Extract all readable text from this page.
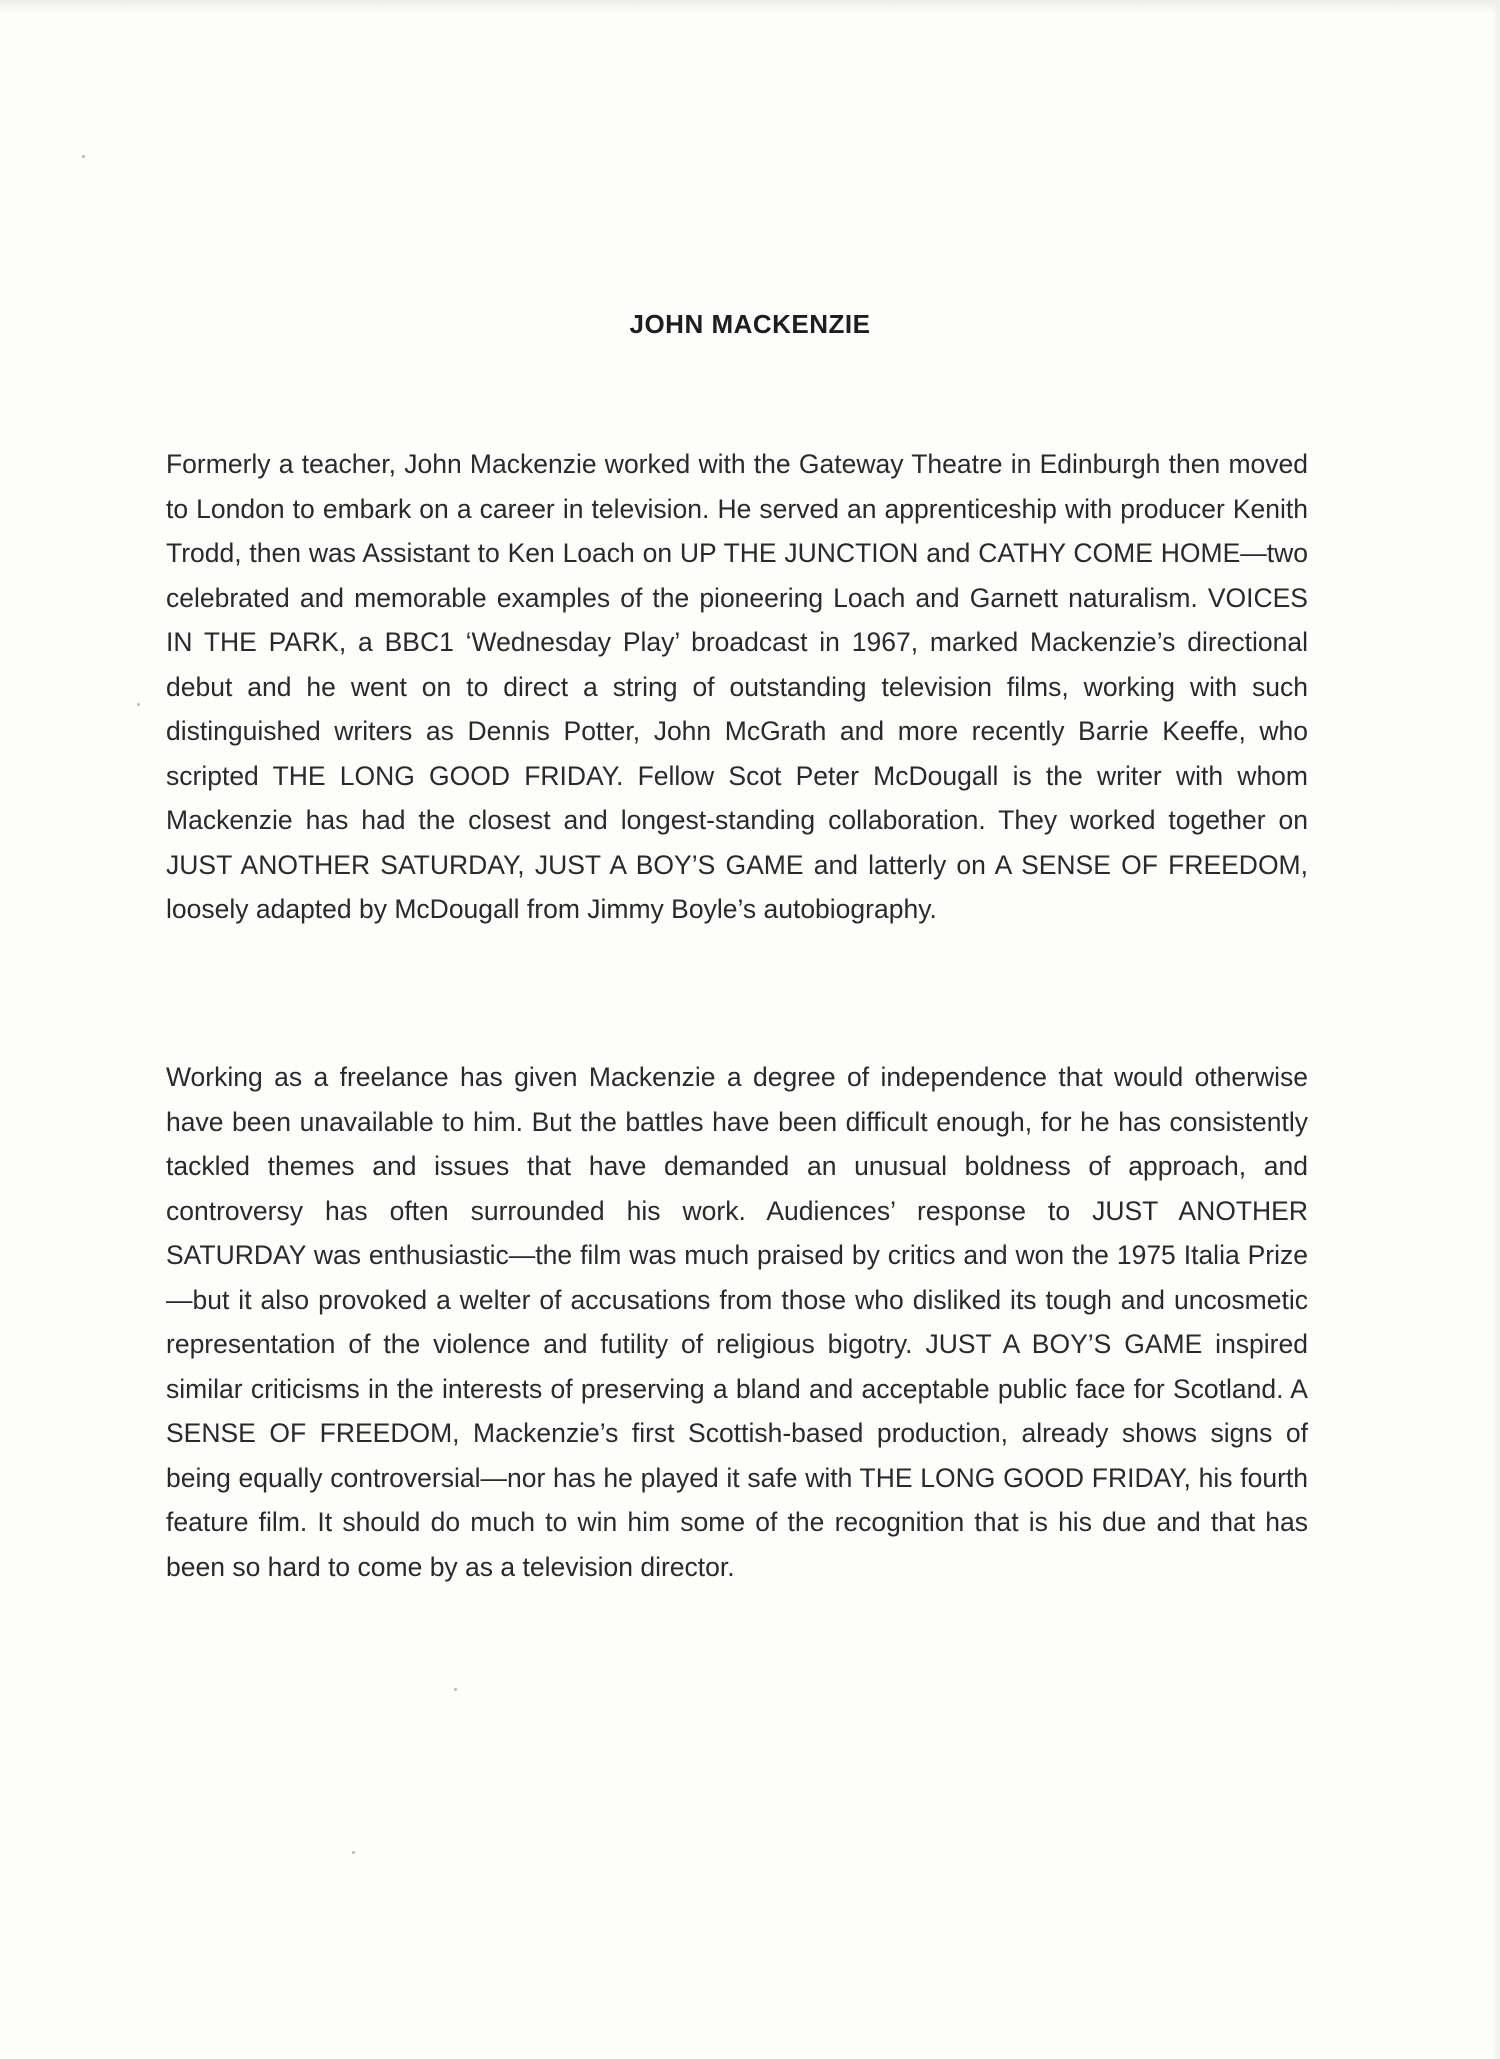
JOHN MACKENZIE

Formerly a teacher, John Mackenzie worked with the Gateway Theatre in Edinburgh then moved to London to embark on a career in television. He served an apprenticeship with producer Kenith Trodd, then was Assistant to Ken Loach on UP THE JUNCTION and CATHY COME HOME—two celebrated and memorable examples of the pioneering Loach and Garnett naturalism. VOICES IN THE PARK, a BBC1 ‘Wednesday Play’ broadcast in 1967, marked Mackenzie’s directional debut and he went on to direct a string of outstanding television films, working with such distinguished writers as Dennis Potter, John McGrath and more recently Barrie Keeffe, who scripted THE LONG GOOD FRIDAY. Fellow Scot Peter McDougall is the writer with whom Mackenzie has had the closest and longest-standing collaboration. They worked together on JUST ANOTHER SATURDAY, JUST A BOY’S GAME and latterly on A SENSE OF FREEDOM, loosely adapted by McDougall from Jimmy Boyle’s autobiography.

Working as a freelance has given Mackenzie a degree of independence that would otherwise have been unavailable to him. But the battles have been difficult enough, for he has consistently tackled themes and issues that have demanded an unusual boldness of approach, and controversy has often surrounded his work. Audiences’ response to JUST ANOTHER SATURDAY was enthusiastic—the film was much praised by critics and won the 1975 Italia Prize—but it also provoked a welter of accusations from those who disliked its tough and uncosmetic representation of the violence and futility of religious bigotry. JUST A BOY’S GAME inspired similar criticisms in the interests of preserving a bland and acceptable public face for Scotland. A SENSE OF FREEDOM, Mackenzie’s first Scottish-based production, already shows signs of being equally controversial—nor has he played it safe with THE LONG GOOD FRIDAY, his fourth feature film. It should do much to win him some of the recognition that is his due and that has been so hard to come by as a television director.
